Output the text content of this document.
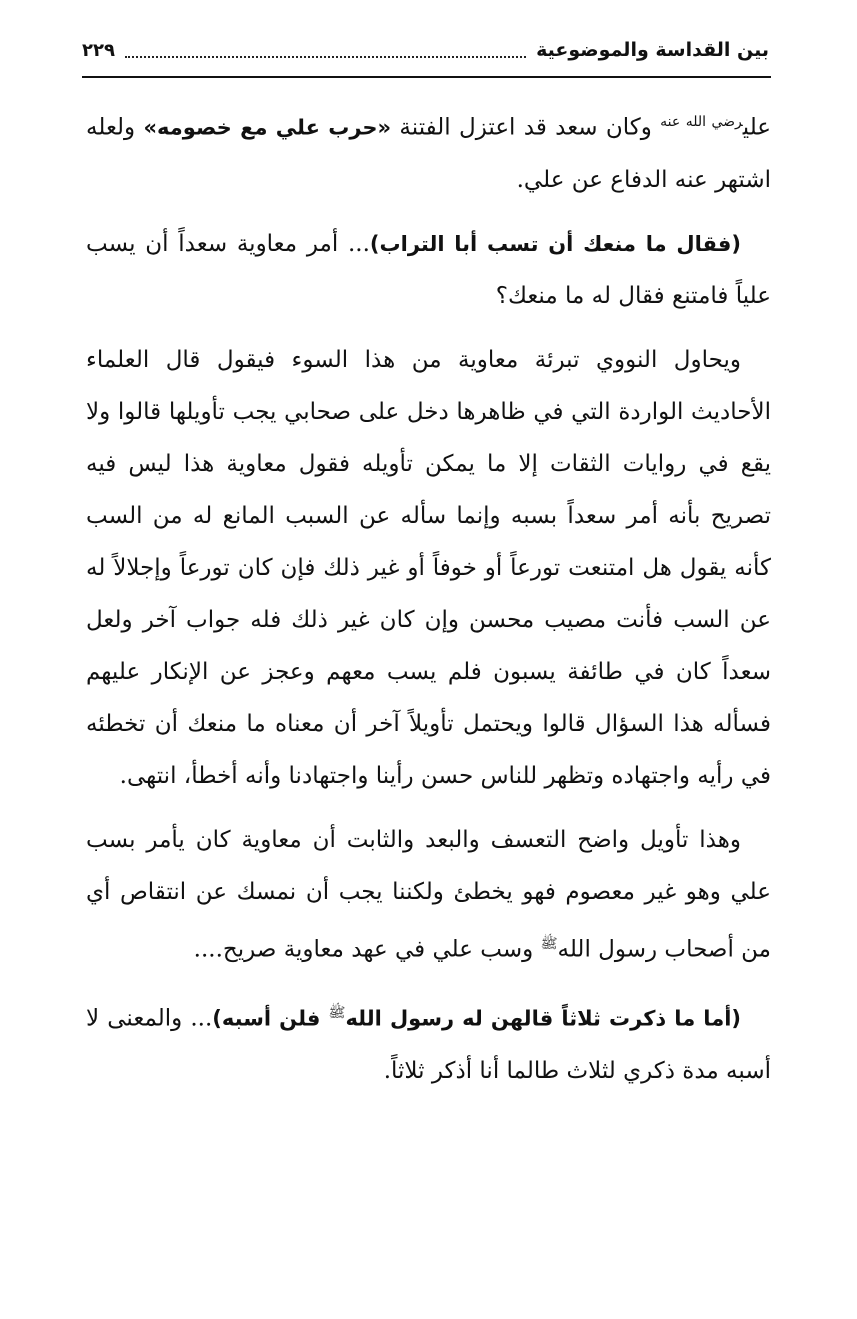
بين القداسة والموضوعية
٢٢٩

علي$^{رضي الله عنه}$ وكان سعد قد اعتزل الفتنة «حرب علي مع خصومه» ولعله اشتهر عنه الدفاع عن علي.

(فقال ما منعك أن تسب أبا التراب)... أمر معاوية سعداً أن يسب علياً فامتنع فقال له ما منعك؟

ويحاول النووي تبرئة معاوية من هذا السوء فيقول قال العلماء الأحاديث الواردة التي في ظاهرها دخل على صحابي يجب تأويلها قالوا ولا يقع في روايات الثقات إلا ما يمكن تأويله فقول معاوية هذا ليس فيه تصريح بأنه أمر سعداً بسبه وإنما سأله عن السبب المانع له من السب كأنه يقول هل امتنعت تورعاً أو خوفاً أو غير ذلك فإن كان تورعاً وإجلالاً له عن السب فأنت مصيب محسن وإن كان غير ذلك فله جواب آخر ولعل سعداً كان في طائفة يسبون فلم يسب معهم وعجز عن الإنكار عليهم فسأله هذا السؤال قالوا ويحتمل تأويلاً آخر أن معناه ما منعك أن تخطئه في رأيه واجتهاده وتظهر للناس حسن رأينا واجتهادنا وأنه أخطأ، انتهى.

وهذا تأويل واضح التعسف والبعد والثابت أن معاوية كان يأمر بسب علي وهو غير معصوم فهو يخطئ ولكننا يجب أن نمسك عن انتقاص أي من أصحاب رسول الله$^ﷺ$ وسب علي في عهد معاوية صريح....

(أما ما ذكرت ثلاثاً قالهن له رسول الله$^ﷺ$ فلن أسبه)... والمعنى لا أسبه مدة ذكري لثلاث طالما أنا أذكر ثلاثاً.
